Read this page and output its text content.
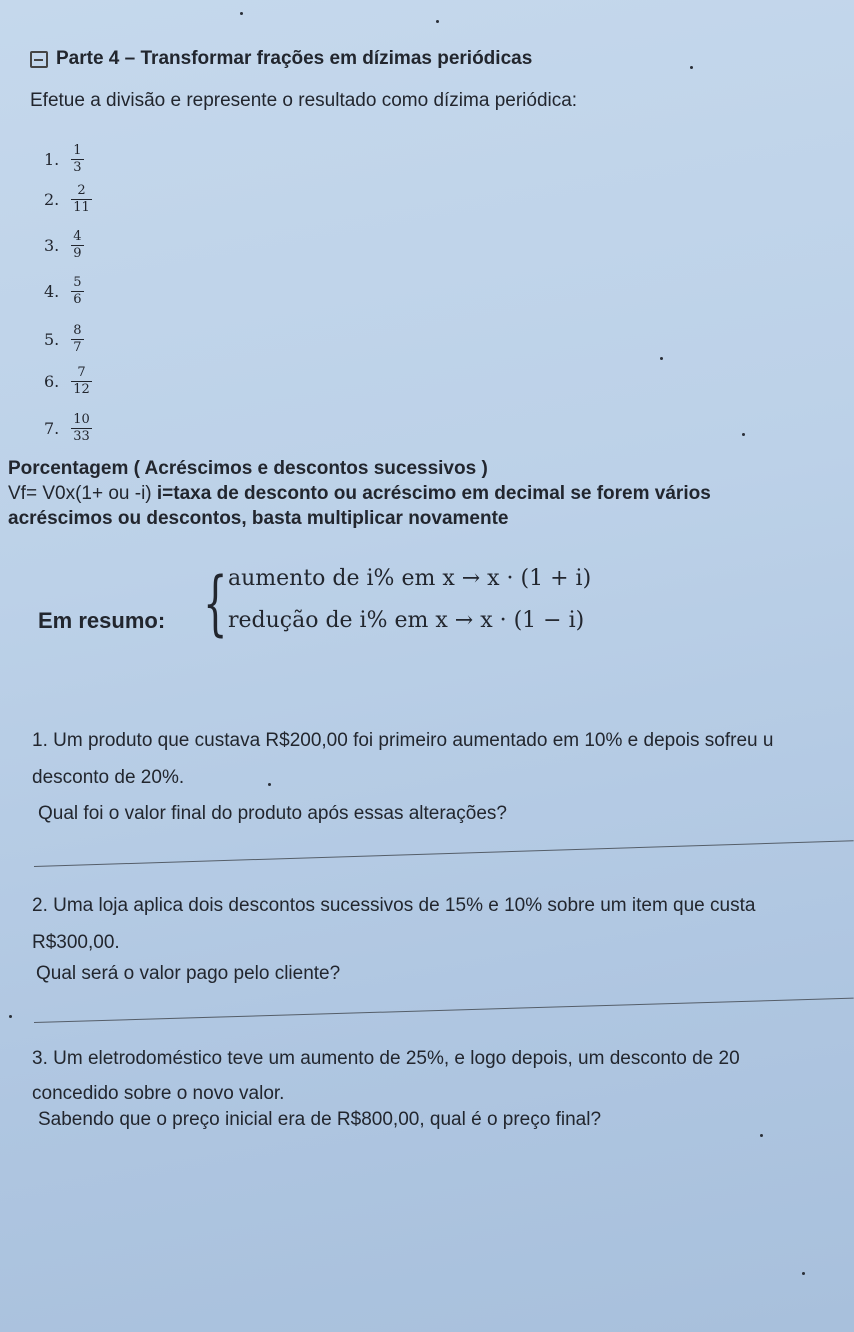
Parte 4 – Transformar frações em dízimas periódicas
Efetue a divisão e represente o resultado como dízima periódica:
1. $\frac{1}{3}$
2. $\frac{2}{11}$
3. $\frac{4}{9}$
4. $\frac{5}{6}$
5. $\frac{8}{7}$
6. $\frac{7}{12}$
7. $\frac{10}{33}$
Porcentagem ( Acréscimos e descontos sucessivos )
Vf= V0x(1+ ou -i) i=taxa de desconto ou acréscimo em decimal se forem vários
acréscimos ou descontos, basta multiplicar novamente
Em resumo: { aumento de i% em x → x · (1 + i)
redução de i% em x → x · (1 − i)
1. Um produto que custava R$200,00 foi primeiro aumentado em 10% e depois sofreu u
desconto de 20%.
Qual foi o valor final do produto após essas alterações?
2. Uma loja aplica dois descontos sucessivos de 15% e 10% sobre um item que custa
R$300,00.
Qual será o valor pago pelo cliente?
3. Um eletrodoméstico teve um aumento de 25%, e logo depois, um desconto de 20
concedido sobre o novo valor.
Sabendo que o preço inicial era de R$800,00, qual é o preço final?
